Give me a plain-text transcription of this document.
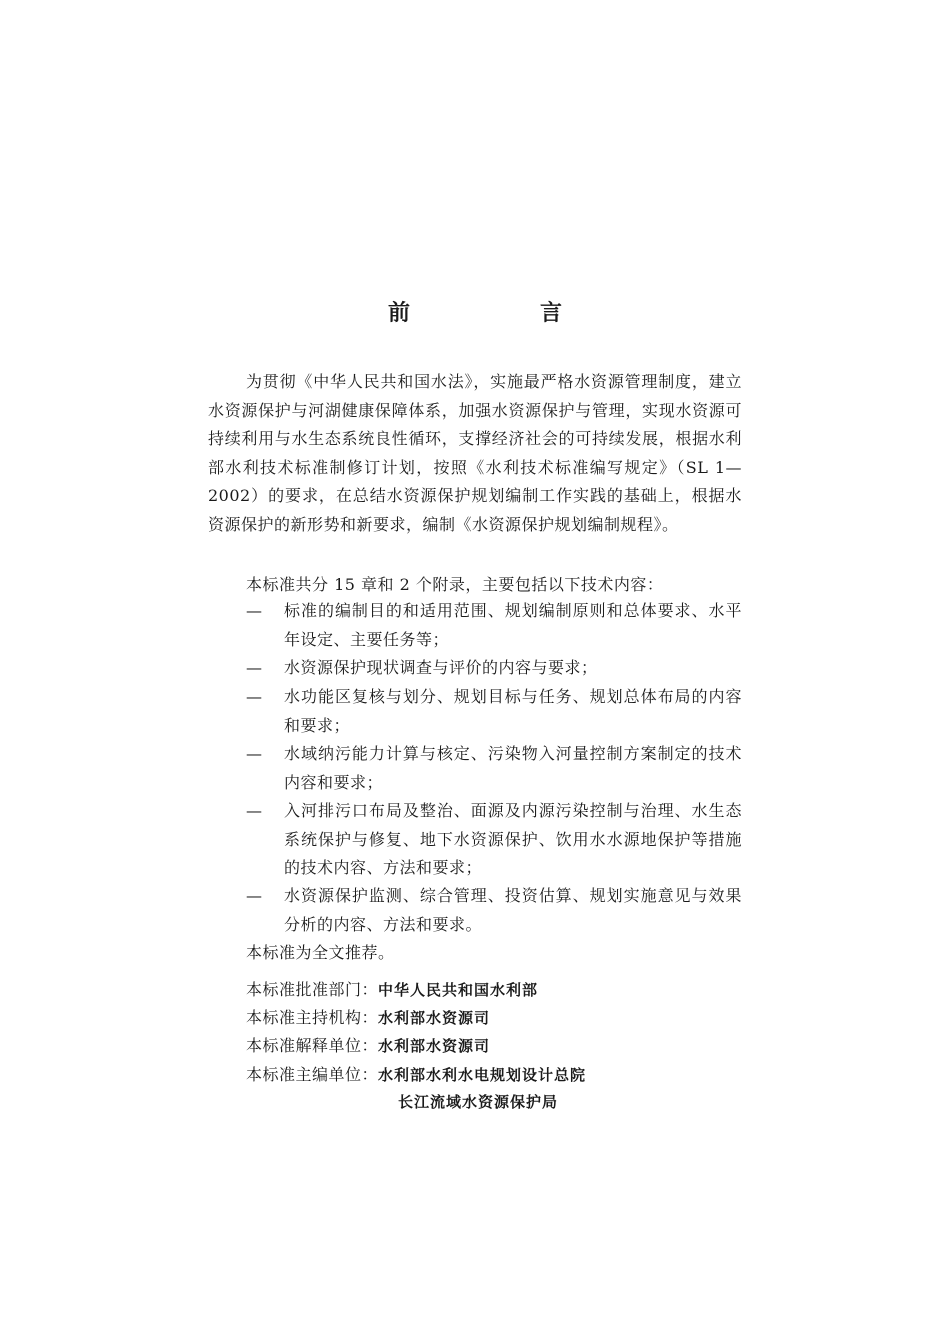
前　言

为贯彻《中华人民共和国水法》，实施最严格水资源管理制度，建立水资源保护与河湖健康保障体系，加强水资源保护与管理，实现水资源可持续利用与水生态系统良性循环，支撑经济社会的可持续发展，根据水利部水利技术标准制修订计划，按照《水利技术标准编写规定》（SL 1—2002）的要求，在总结水资源保护规划编制工作实践的基础上，根据水资源保护的新形势和新要求，编制《水资源保护规划编制规程》。

本标准共分 15 章和 2 个附录，主要包括以下技术内容：
—	标准的编制目的和适用范围、规划编制原则和总体要求、水平年设定、主要任务等；
—	水资源保护现状调查与评价的内容与要求；
—	水功能区复核与划分、规划目标与任务、规划总体布局的内容和要求；
—	水域纳污能力计算与核定、污染物入河量控制方案制定的技术内容和要求；
—	入河排污口布局及整治、面源及内源污染控制与治理、水生态系统保护与修复、地下水资源保护、饮用水水源地保护等措施的技术内容、方法和要求；
—	水资源保护监测、综合管理、投资估算、规划实施意见与效果分析的内容、方法和要求。
本标准为全文推荐。
本标准批准部门：中华人民共和国水利部
本标准主持机构：水利部水资源司
本标准解释单位：水利部水资源司
本标准主编单位：水利部水利水电规划设计总院
长江流域水资源保护局
